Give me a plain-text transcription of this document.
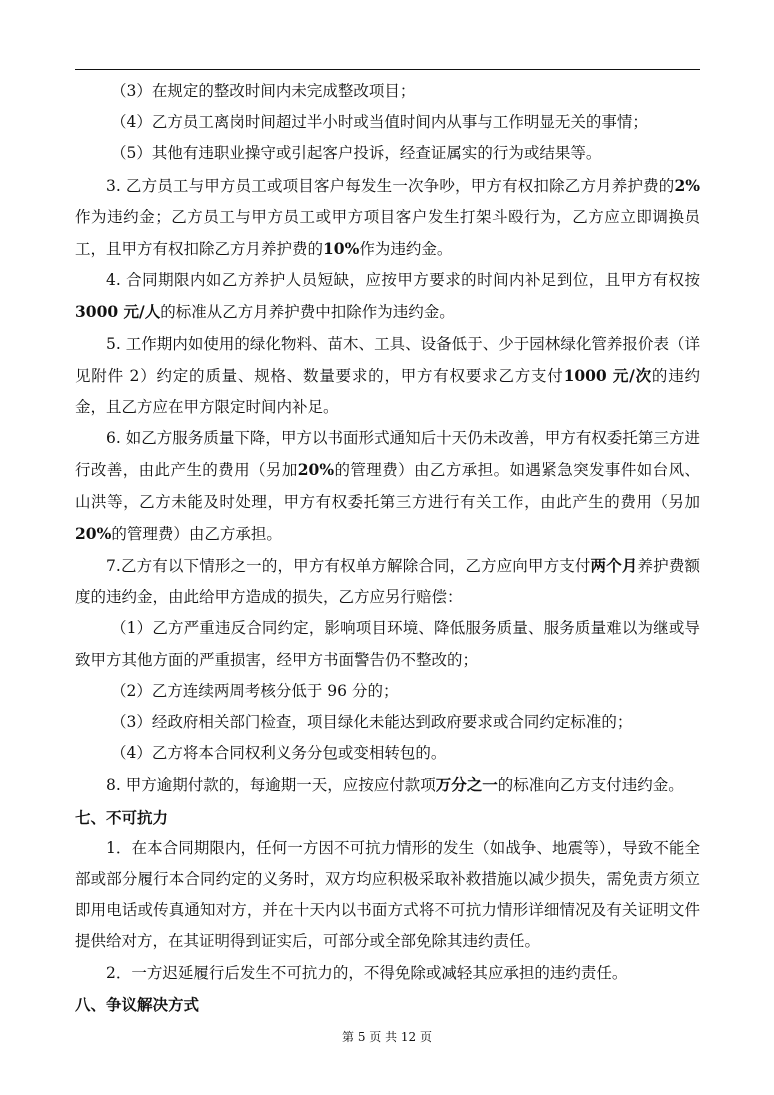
（3）在规定的整改时间内未完成整改项目；

（4）乙方员工离岗时间超过半小时或当值时间内从事与工作明显无关的事情；

（5）其他有违职业操守或引起客户投诉，经查证属实的行为或结果等。

3. 乙方员工与甲方员工或项目客户每发生一次争吵，甲方有权扣除乙方月养护费的2%作为违约金；乙方员工与甲方员工或甲方项目客户发生打架斗殴行为，乙方应立即调换员工，且甲方有权扣除乙方月养护费的10%作为违约金。

4. 合同期限内如乙方养护人员短缺，应按甲方要求的时间内补足到位，且甲方有权按3000 元/人的标准从乙方月养护费中扣除作为违约金。

5. 工作期内如使用的绿化物料、苗木、工具、设备低于、少于园林绿化管养报价表（详见附件 2）约定的质量、规格、数量要求的，甲方有权要求乙方支付1000 元/次的违约金，且乙方应在甲方限定时间内补足。

6. 如乙方服务质量下降，甲方以书面形式通知后十天仍未改善，甲方有权委托第三方进行改善，由此产生的费用（另加20%的管理费）由乙方承担。如遇紧急突发事件如台风、山洪等，乙方未能及时处理，甲方有权委托第三方进行有关工作，由此产生的费用（另加20%的管理费）由乙方承担。

7.乙方有以下情形之一的，甲方有权单方解除合同，乙方应向甲方支付两个月养护费额度的违约金，由此给甲方造成的损失，乙方应另行赔偿：

（1）乙方严重违反合同约定，影响项目环境、降低服务质量、服务质量难以为继或导致甲方其他方面的严重损害，经甲方书面警告仍不整改的；

（2）乙方连续两周考核分低于 96 分的；

（3）经政府相关部门检查，项目绿化未能达到政府要求或合同约定标准的；

（4）乙方将本合同权利义务分包或变相转包的。

8. 甲方逾期付款的，每逾期一天，应按应付款项万分之一的标准向乙方支付违约金。

七、不可抗力

1．在本合同期限内，任何一方因不可抗力情形的发生（如战争、地震等），导致不能全部或部分履行本合同约定的义务时，双方均应积极采取补救措施以减少损失，需免责方须立即用电话或传真通知对方，并在十天内以书面方式将不可抗力情形详细情况及有关证明文件提供给对方，在其证明得到证实后，可部分或全部免除其违约责任。

2．一方迟延履行后发生不可抗力的，不得免除或减轻其应承担的违约责任。

八、争议解决方式

第 5 页 共 12 页
